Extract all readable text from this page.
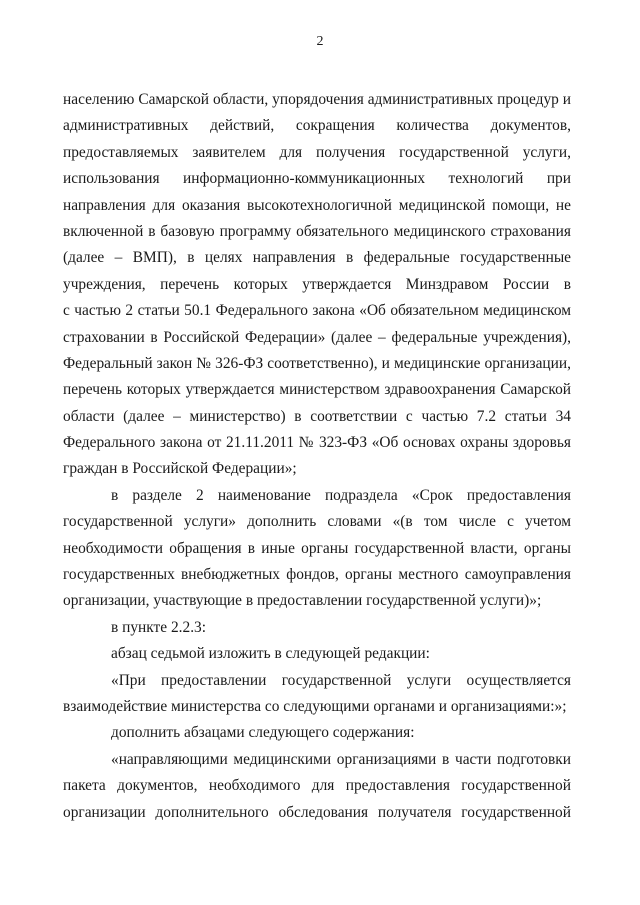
2
населению Самарской области, упорядочения административных процедур и
административных действий, сокращения количества документов,
предоставляемых заявителем для получения государственной услуги,
использования информационно-коммуникационных технологий при
направления для оказания высокотехнологичной медицинской помощи, не
включенной в базовую программу обязательного медицинского страхования
(далее – ВМП), в целях направления в федеральные государственные
учреждения, перечень которых утверждается Минздравом России в
с частью 2 статьи 50.1 Федерального закона «Об обязательном медицинском
страховании в Российской Федерации» (далее – федеральные учреждения),
Федеральный закон № 326-ФЗ соответственно), и медицинские организации,
перечень которых утверждается министерством здравоохранения Самарской
области (далее – министерство) в соответствии с частью 7.2 статьи 34
Федерального закона от 21.11.2011 № 323-ФЗ «Об основах охраны здоровья
граждан в Российской Федерации»;
в разделе 2 наименование подраздела «Срок предоставления
государственной услуги» дополнить словами «(в том числе с учетом
необходимости обращения в иные органы государственной власти, органы
государственных внебюджетных фондов, органы местного самоуправления
организации, участвующие в предоставлении государственной услуги)»;
в пункте 2.2.3:
абзац седьмой изложить в следующей редакции:
«При предоставлении государственной услуги осуществляется
взаимодействие министерства со следующими органами и организациями:»;
дополнить абзацами следующего содержания:
«направляющими медицинскими организациями в части подготовки
пакета документов, необходимого для предоставления государственной
организации дополнительного обследования получателя государственной
